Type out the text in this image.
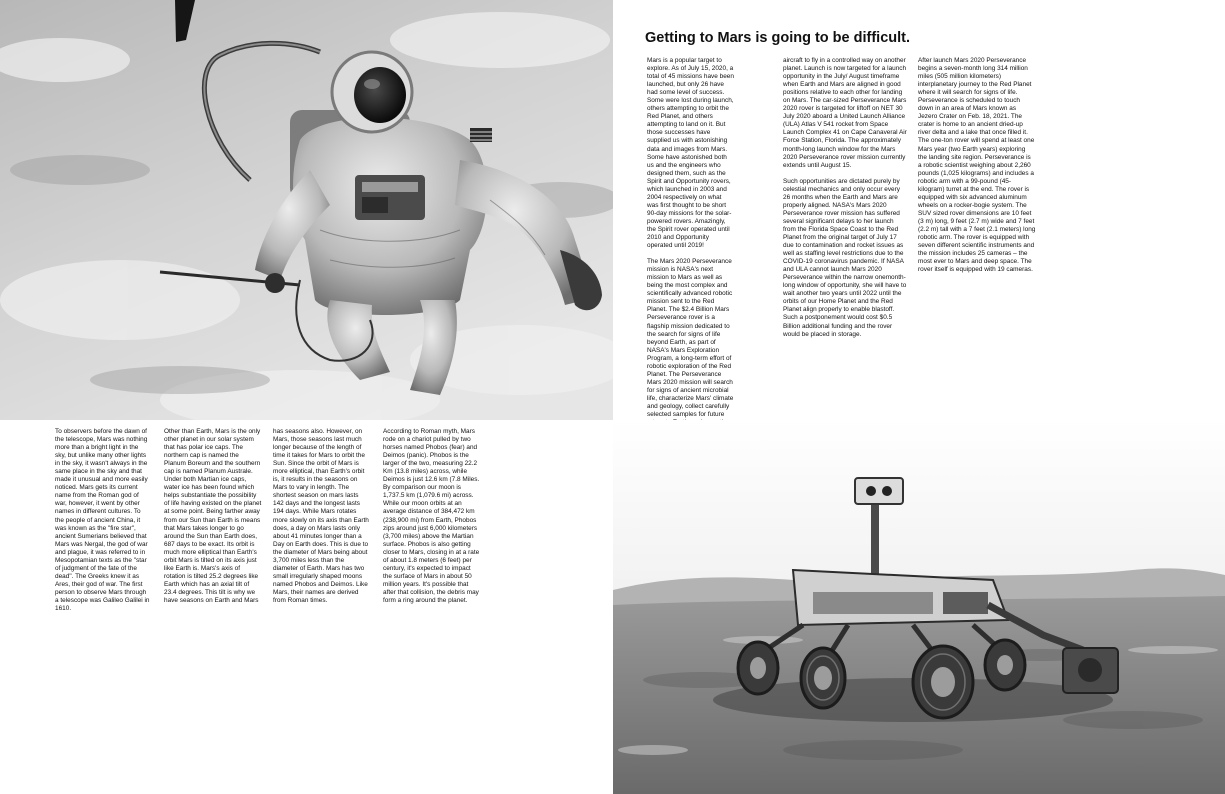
Getting to Mars is going to be difficult.

Mars is a popular target to explore. As of July 15, 2020, a total of 45 missions have been launched, but only 26 have had some level of success. Some were lost during launch, others attempting to orbit the Red Planet, and others attempting to land on it. But those successes have supplied us with astonishing data and images from Mars. Some have astonished both us and the engineers who designed them, such as the Spirit and Opportunity rovers, which launched in 2003 and 2004 respectively on what was first thought to be short 90-day missions for the solar-powered rovers. Amazingly, the Spirit rover operated until 2010 and Opportunity operated until 2019!

The Mars 2020 Perseverance mission is NASA's next mission to Mars as well as being the most complex and scientifically advanced robotic mission sent to the Red Planet. The $2.4 Billion Mars Perseverance rover is a flagship mission dedicated to the search for signs of life beyond Earth, as part of NASA's Mars Exploration Program, a long-term effort of robotic exploration of the Red Planet. The Perseverance Mars 2020 mission will search for signs of ancient microbial life, characterize Mars' climate and geology, collect carefully selected samples for future

aircraft to fly in a controlled way on another planet. Launch is now targeted for a launch opportunity in the July/ August timeframe when Earth and Mars are aligned in good positions relative to each other for landing on Mars. The car-sized Perseverance Mars 2020 rover is targeted for liftoff on NET 30 July 2020 aboard a United Launch Alliance (ULA) Atlas V 541 rocket from Space Launch Complex 41 on Cape Canaveral Air Force Station, Florida. The approximately month-long launch window for the Mars 2020 Perseverance rover mission currently extends until August 15.

Such opportunities are dictated purely by celestial mechanics and only occur every 26 months when the Earth and Mars are properly aligned. NASA's Mars 2020 Perseverance rover mission has suffered several significant delays to her launch from the Florida Space Coast to the Red Planet from the original target of July 17 due to contamination and rocket issues as well as staffing level restrictions due to the COVID-19 coronavirus pandemic. If NASA and ULA cannot launch Mars 2020 Perseverance within the narrow onemonth-long window of opportunity, she will have to wait another two years until 2022 until the orbits of our Home Planet and the Red Planet align properly to enable blastoff. Such a postponement would cost $0.5 Billion additional funding and the rover would be placed in storage.

After launch Mars 2020 Perseverance begins a seven-month long 314 million miles (505 million kilometers) interplanetary journey to the Red Planet where it will search for signs of life. Perseverance is scheduled to touch down in an area of Mars known as Jezero Crater on Feb. 18, 2021. The crater is home to an ancient dried-up river delta and a lake that once filled it. The one-ton rover will spend at least one Mars year (two Earth years) exploring the landing site region. Perseverance is a robotic scientist weighing about 2,260 pounds (1,025 kilograms) and includes a robotic arm with a 99-pound (45-kilogram) turret at the end. The rover is equipped with six advanced aluminum wheels on a rocker-bogie system. The SUV sized rover dimensions are 10 feet (3 m) long, 9 feet (2.7 m) wide and 7 feet (2.2 m) tall with a 7 feet (2.1 meters) long robotic arm. The rover is equipped with seven different scientific instruments and the mission includes 25 cameras – the most ever to Mars and deep space. The rover itself is equipped with 19 cameras.

To observers before the dawn of the telescope, Mars was nothing more than a bright light in the sky, but unlike many other lights in the sky, it wasn't always in the same place in the sky and that made it unusual and more easily noticed. Mars gets its current name from the Roman god of war, however, it went by other names in different cultures. To the people of ancient China, it was known as the "fire star", ancient Sumerians believed that Mars was Nergal, the god of war and plague, it was referred to in Mesopotamian texts as the "star of judgment of the fate of the dead". The Greeks knew it as Ares, their god of war. The first person to observe Mars through a telescope was Galileo Galilei in 1610.

Other than Earth, Mars is the only other planet in our solar system that has polar ice caps. The northern cap is named the Planum Boreum and the southern cap is named Planum Australe. Under both Martian ice caps, water ice has been found which helps substantiate the possibility of life having existed on the planet at some point. Being farther away from our Sun than Earth is means that Mars takes longer to go around the Sun than Earth does, 687 days to be exact. Its orbit is much more elliptical than Earth's orbit Mars is tilted on its axis just like Earth is. Mars's axis of rotation is tilted 25.2 degrees like Earth which has an axial tilt of 23.4 degrees. This tilt is why we have seasons on Earth and Mars

has seasons also. However, on Mars, those seasons last much longer because of the length of time it takes for Mars to orbit the Sun. Since the orbit of Mars is more elliptical, than Earth's orbit is, it results in the seasons on Mars to vary in length. The shortest season on mars lasts 142 days and the longest lasts 194 days. While Mars rotates more slowly on its axis than Earth does, a day on Mars lasts only about 41 minutes longer than a Day on Earth does. This is due to the diameter of Mars being about 3,700 miles less than the diameter of Earth. Mars has two small irregularly shaped moons named Phobos and Deimos. Like Mars, their names are derived from Roman times.

According to Roman myth, Mars rode on a chariot pulled by two horses named Phobos (fear) and Deimos (panic). Phobos is the larger of the two, measuring 22.2 Km (13.8 miles) across, while Deimos is just 12.6 km (7.8 Miles. By comparison our moon is 1,737.5 km (1,079.6 mi) across. While our moon orbits at an average distance of 384,472 km (238,900 mi) from Earth, Phobos zips around just 6,000 kilometers (3,700 miles) above the Martian surface. Phobos is also getting closer to Mars, closing in at a rate of about 1.8 meters (6 feet) per century, it's expected to impact the surface of Mars in about 50 million years. It's possible that after that collision, the debris may form a ring around the planet.
